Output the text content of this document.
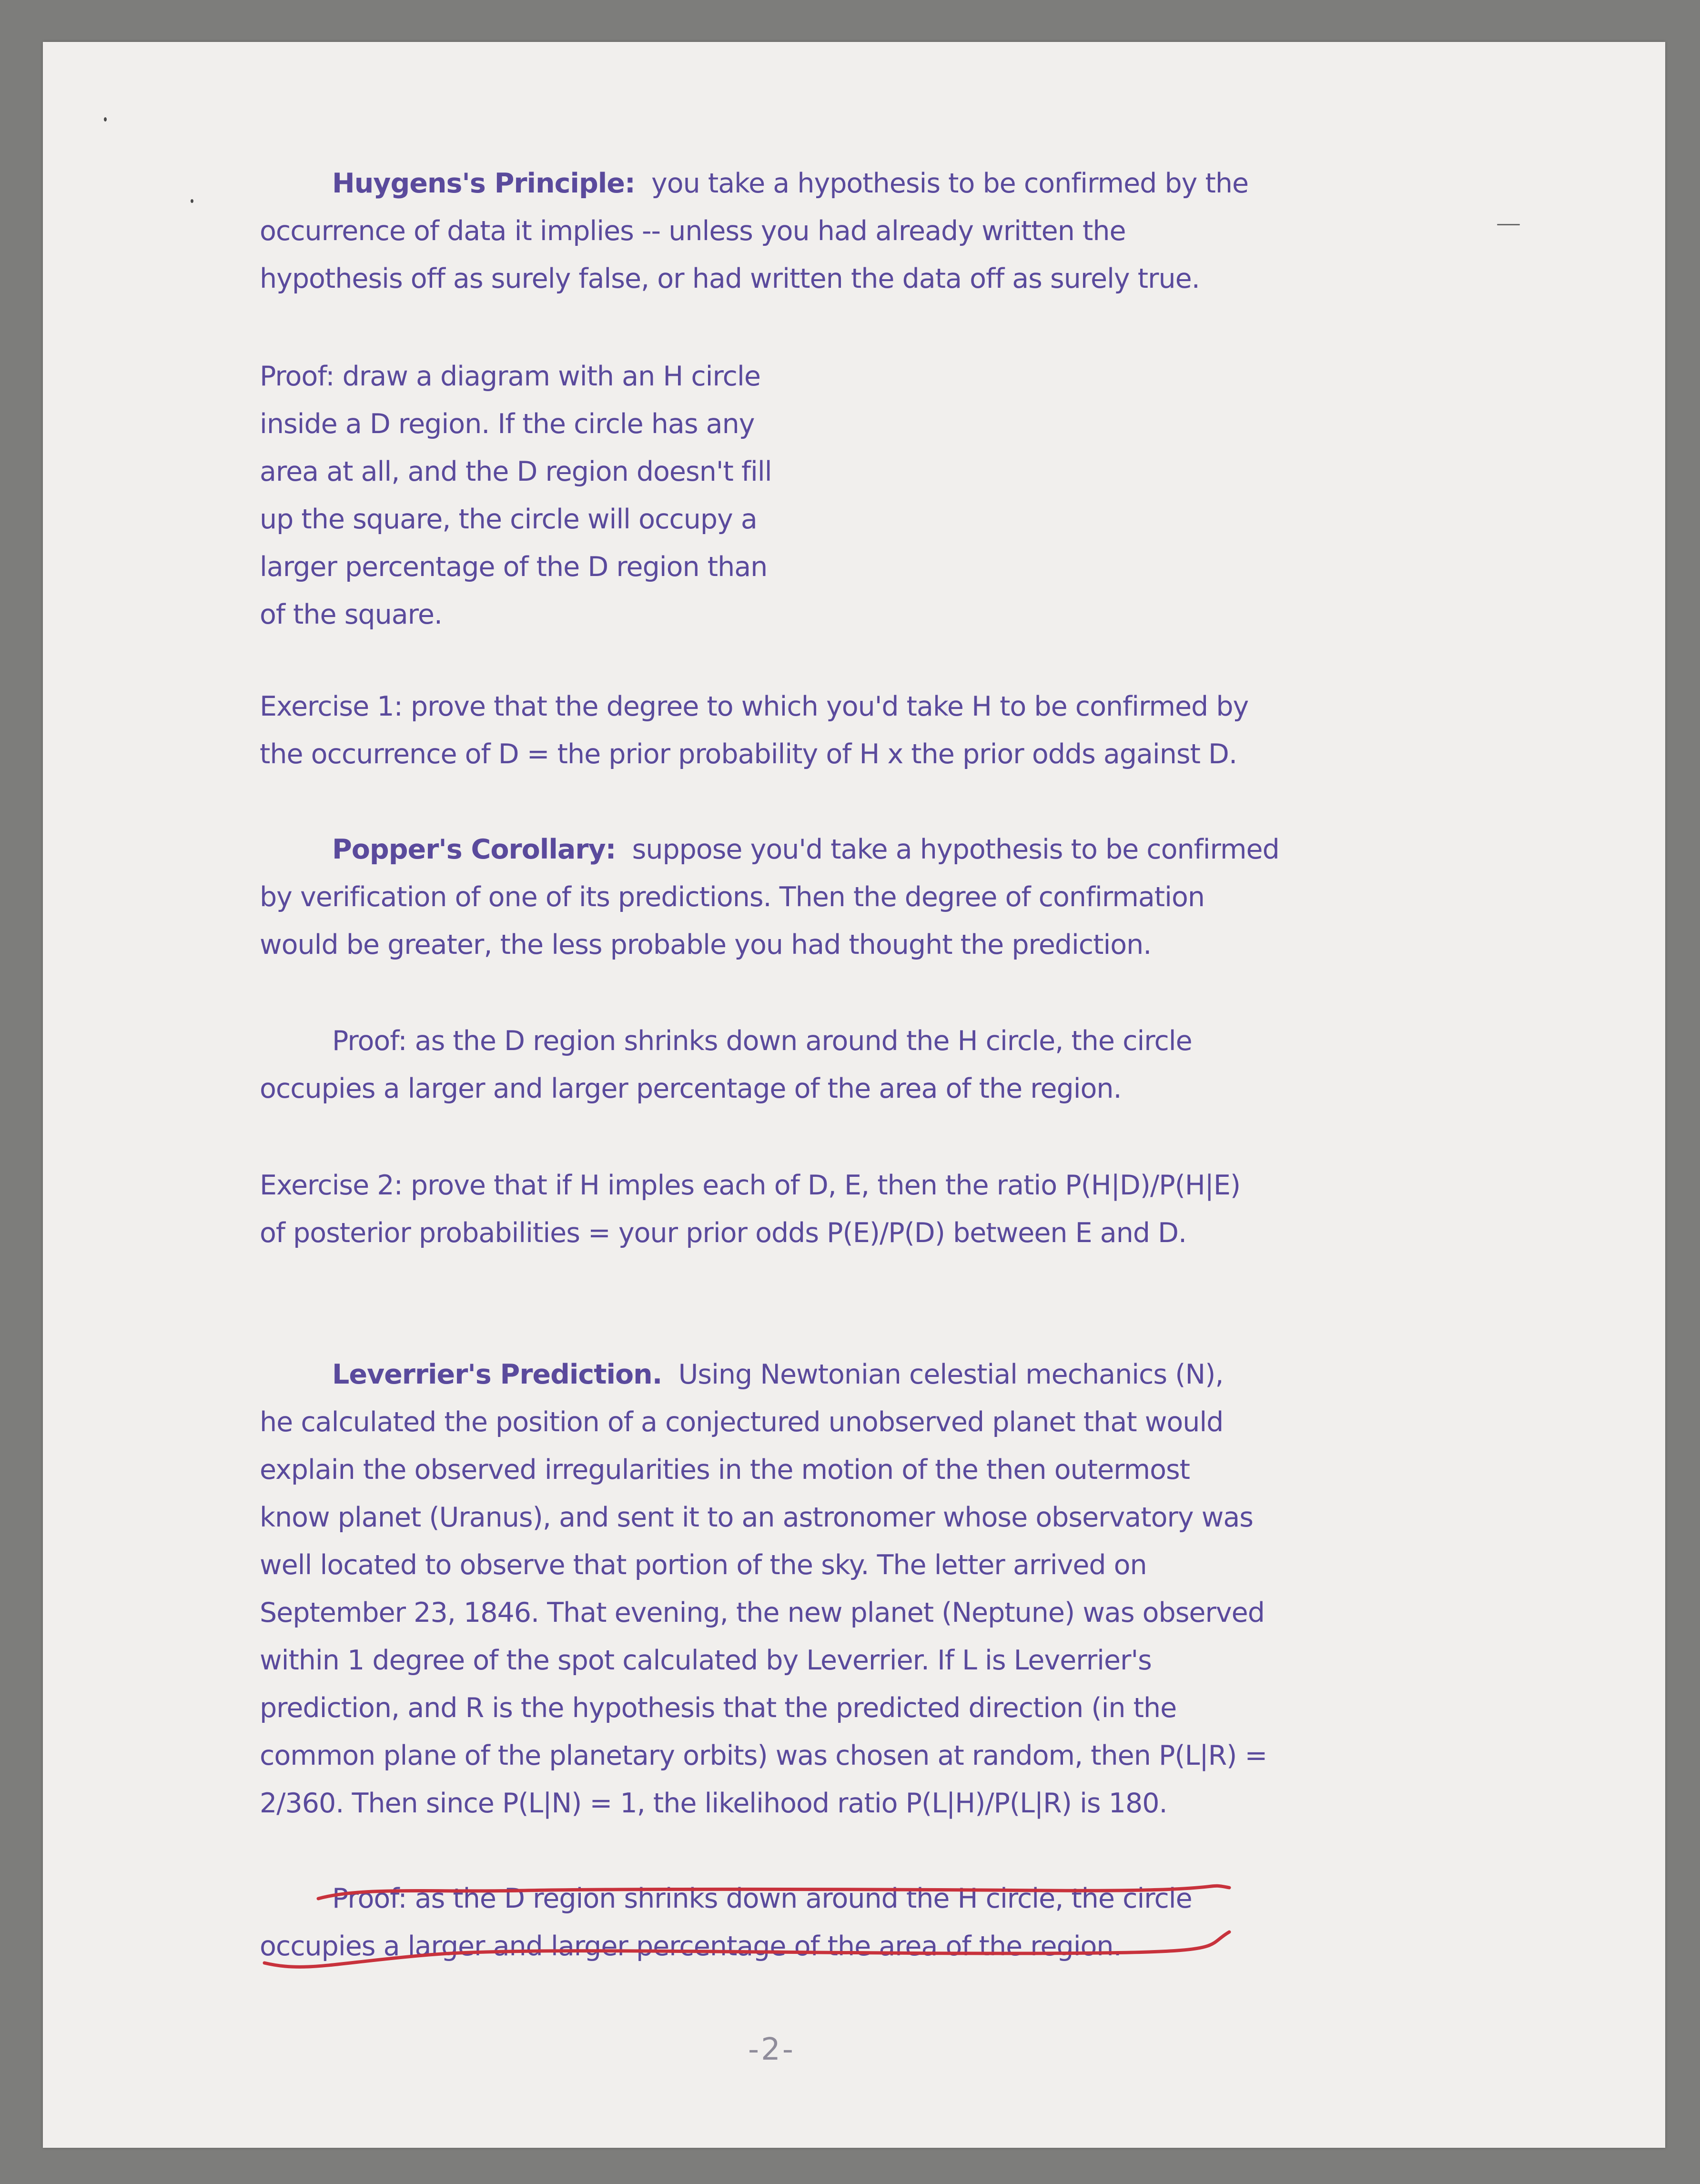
Huygens's Principle: you take a hypothesis to be confirmed by the
occurrence of data it implies -- unless you had already written the
hypothesis off as surely false, or had written the data off as surely true.

Proof: draw a diagram with an H circle
inside a D region. If the circle has any
area at all, and the D region doesn't fill
up the square, the circle will occupy a
larger percentage of the D region than
of the square.

Exercise 1: prove that the degree to which you'd take H to be confirmed by
the occurrence of D = the prior probability of H x the prior odds against D.

Popper's Corollary: suppose you'd take a hypothesis to be confirmed
by verification of one of its predictions. Then the degree of confirmation
would be greater, the less probable you had thought the prediction.

Proof: as the D region shrinks down around the H circle, the circle
occupies a larger and larger percentage of the area of the region.

Exercise 2: prove that if H imples each of D, E, then the ratio P(H|D)/P(H|E)
of posterior probabilities = your prior odds P(E)/P(D) between E and D.

Leverrier's Prediction. Using Newtonian celestial mechanics (N),
he calculated the position of a conjectured unobserved planet that would
explain the observed irregularities in the motion of the then outermost
know planet (Uranus), and sent it to an astronomer whose observatory was
well located to observe that portion of the sky. The letter arrived on
September 23, 1846. That evening, the new planet (Neptune) was observed
within 1 degree of the spot calculated by Leverrier. If L is Leverrier's
prediction, and R is the hypothesis that the predicted direction (in the
common plane of the planetary orbits) was chosen at random, then P(L|R) =
2/360. Then since P(L|N) = 1, the likelihood ratio P(L|H)/P(L|R) is 180.

Proof: as the D region shrinks down around the H circle, the circle
occupies a larger and larger percentage of the area of the region.

-2-
